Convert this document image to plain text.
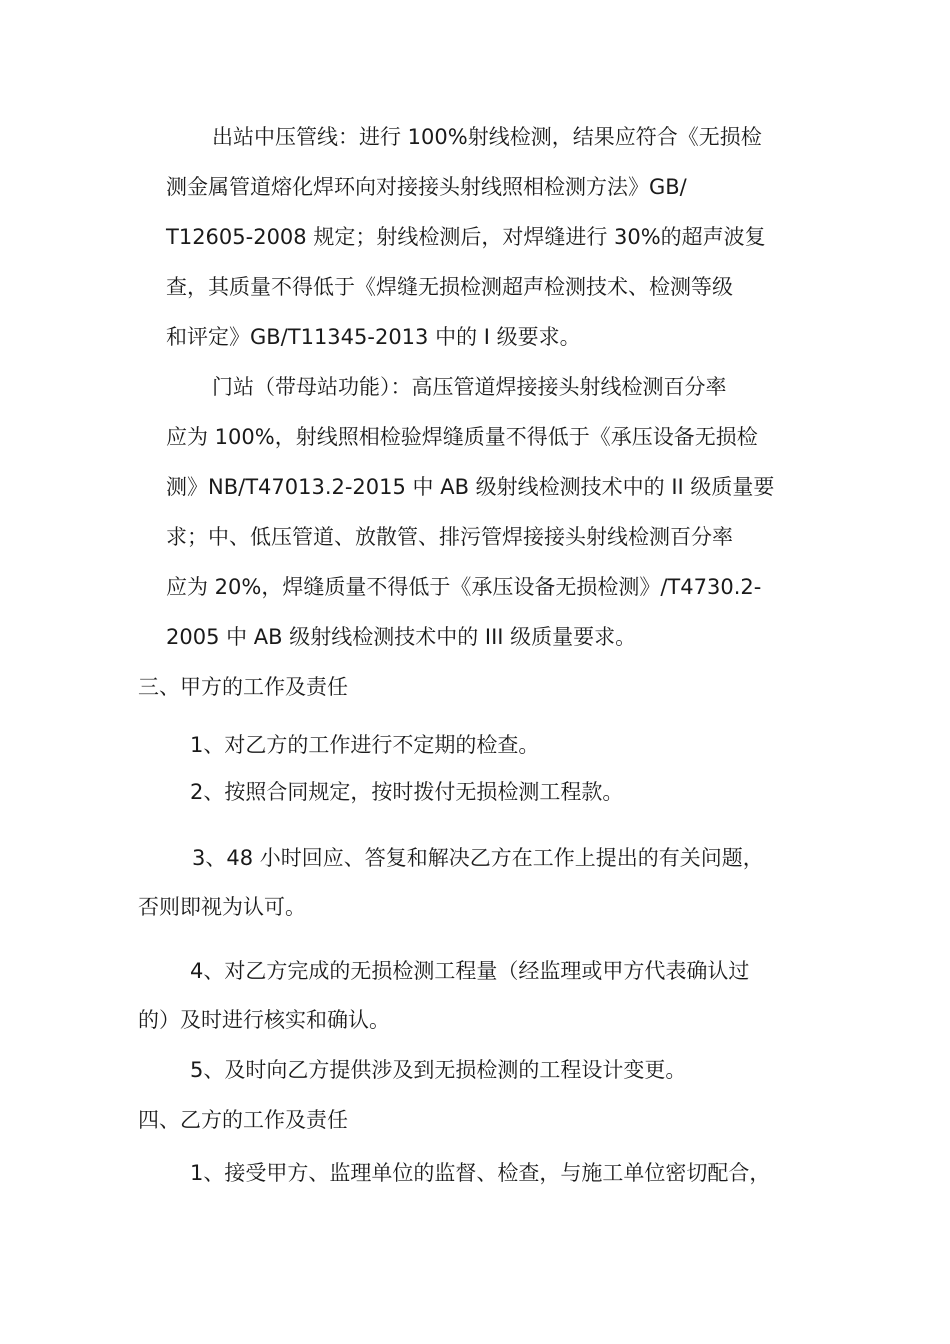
出站中压管线：进行 100%射线检测，结果应符合《无损检
测金属管道熔化焊环向对接接头射线照相检测方法》GB/
T12605-2008 规定；射线检测后，对焊缝进行 30%的超声波复
查，其质量不得低于《焊缝无损检测超声检测技术、检测等级
和评定》GB/T11345-2013 中的 I 级要求。
门站（带母站功能）：高压管道焊接接头射线检测百分率
应为 100%，射线照相检验焊缝质量不得低于《承压设备无损检
测》NB/T47013.2-2015 中 AB 级射线检测技术中的 II 级质量要
求；中、低压管道、放散管、排污管焊接接头射线检测百分率
应为 20%，焊缝质量不得低于《承压设备无损检测》/T4730.2-
2005 中 AB 级射线检测技术中的 III 级质量要求。
三、甲方的工作及责任
1、对乙方的工作进行不定期的检查。
2、按照合同规定，按时拨付无损检测工程款。
3、48 小时回应、答复和解决乙方在工作上提出的有关问题，
否则即视为认可。
4、对乙方完成的无损检测工程量（经监理或甲方代表确认过
的）及时进行核实和确认。
5、及时向乙方提供涉及到无损检测的工程设计变更。
四、乙方的工作及责任
1、接受甲方、监理单位的监督、检查，与施工单位密切配合，
